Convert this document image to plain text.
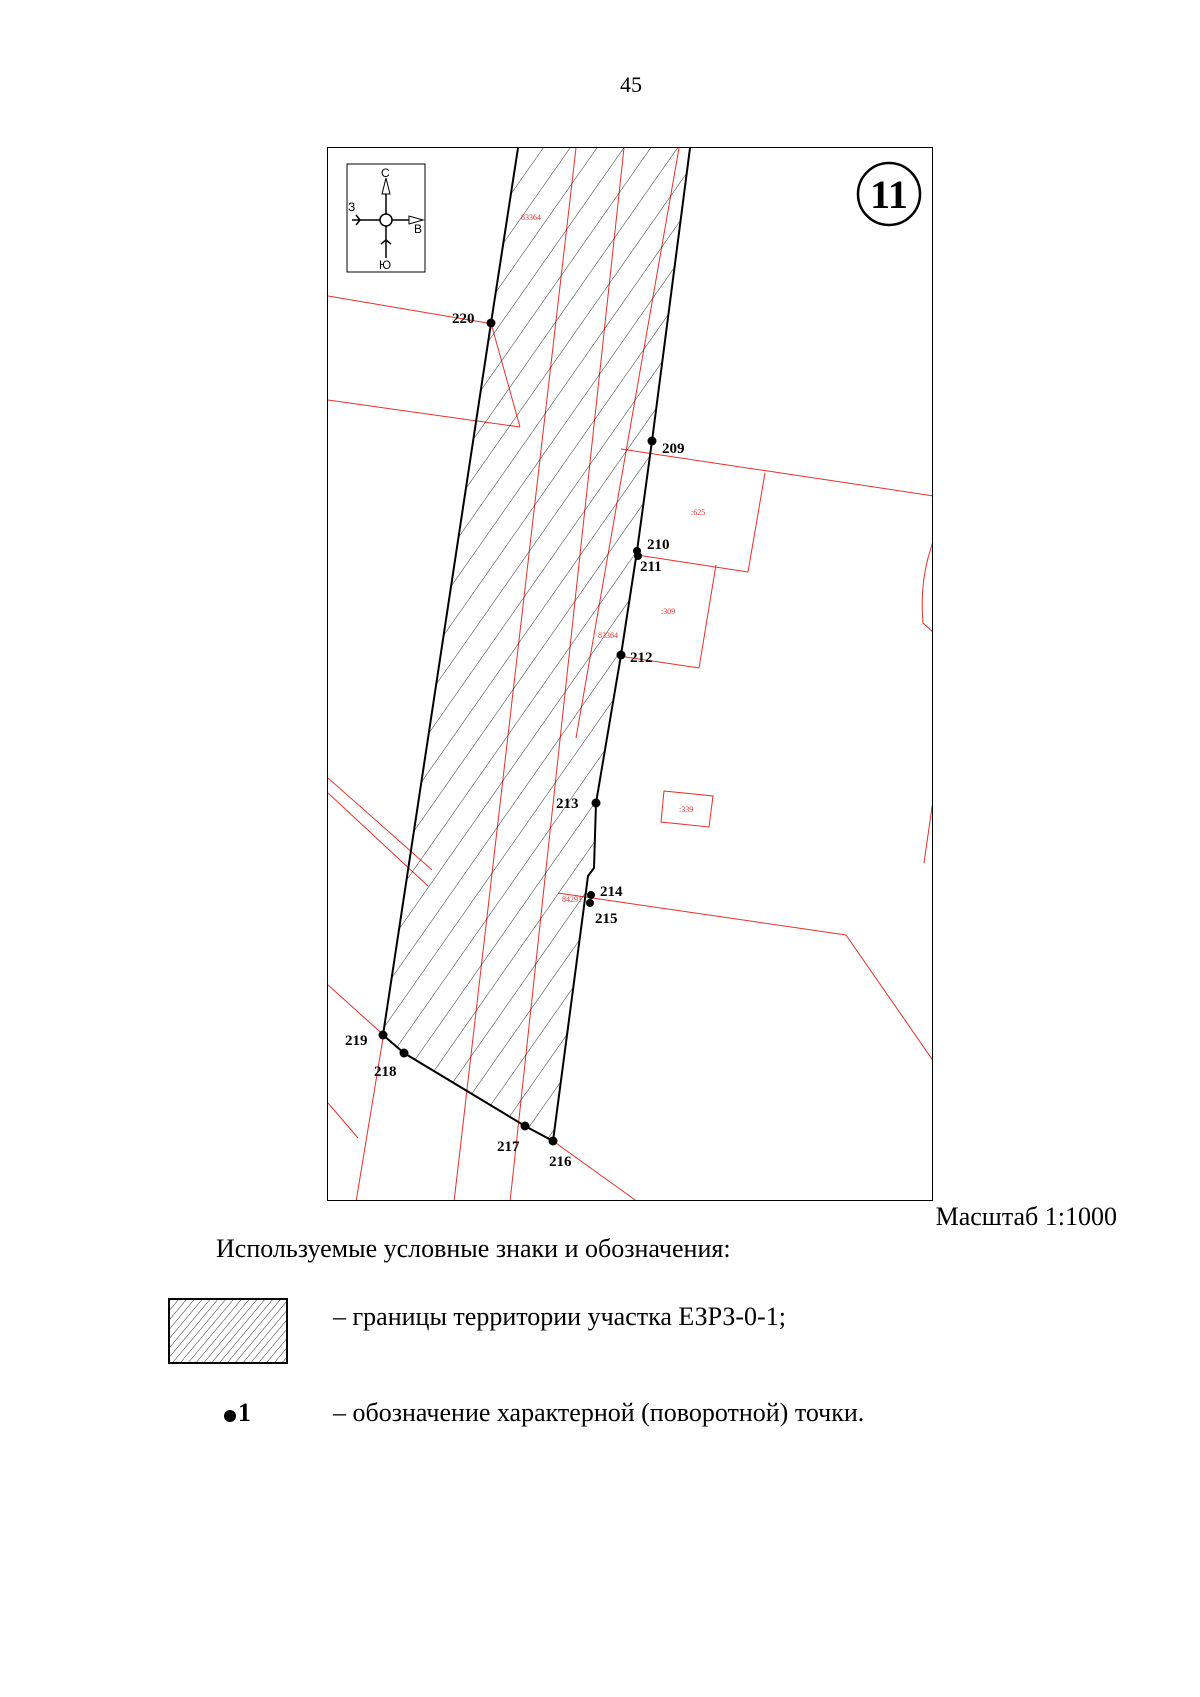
45
220
209
210
211
212
213
214
215
216
217
218
219
83364
:625
:309
83364
:339
84291
С
З
В
Ю
11
Масштаб 1:1000
Используемые условные знаки и обозначения:
– границы территории участка ЕЗРЗ-0-1;
1	– обозначение характерной (поворотной) точки.
